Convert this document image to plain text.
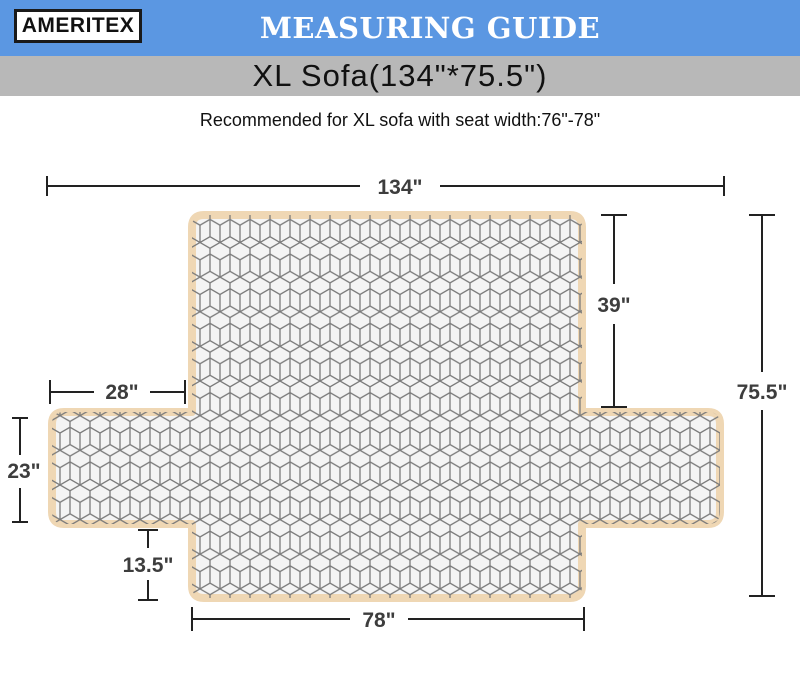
AMERITEX	MEASURING GUIDE
XL Sofa(134"*75.5")
Recommended for XL sofa with seat width:76"-78"
134"
39"
75.5"
28"
23"
13.5"
78"
